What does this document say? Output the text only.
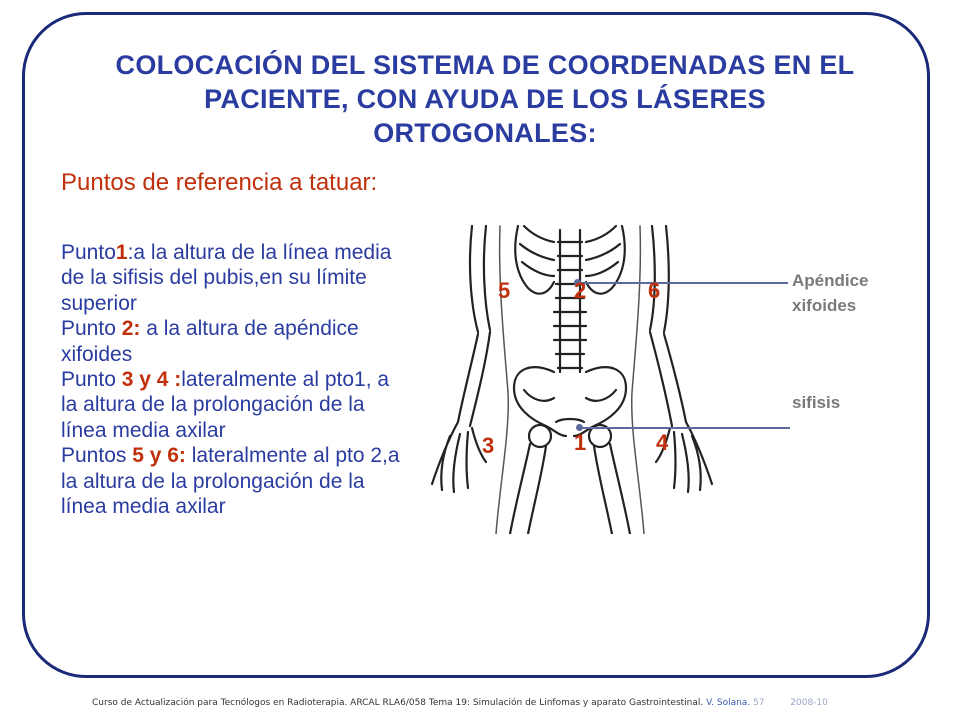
COLOCACIÓN DEL SISTEMA DE COORDENADAS EN EL
PACIENTE, CON AYUDA DE LOS LÁSERES
ORTOGONALES:
Puntos de referencia a tatuar:

Punto1:a la altura de la línea media de la sifisis del pubis,en su límite superior

Punto 2: a la altura de apéndice xifoides

Punto 3 y 4 :lateralmente al pto1, a la altura de la prolongación de la línea media axilar

Puntos 5 y 6: lateralmente al pto 2,a la altura de la prolongación de la línea media axilar

Apéndice xifoides
sifisis
5	2	6
3	1	4
Curso de Actualización para Tecnólogos en Radioterapia. ARCAL RLA6/058 Tema 19: Simulación de Linfomas y aparato Gastrointestinal. V. Solana. 57	2008-10
